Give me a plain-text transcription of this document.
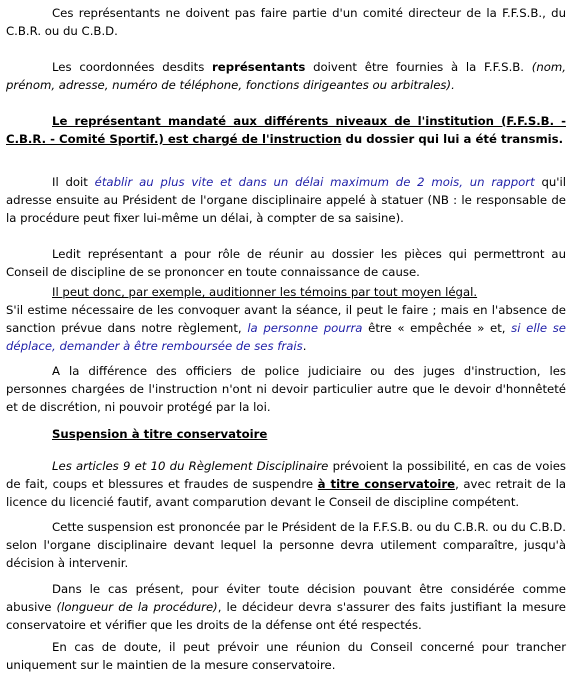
Ces représentants ne doivent pas faire partie d'un comité directeur de la F.F.S.B., du C.B.R. ou du C.B.D.

Les coordonnées desdits représentants doivent être fournies à la F.F.S.B. (nom, prénom, adresse, numéro de téléphone, fonctions dirigeantes ou arbitrales).

Le représentant mandaté aux différents niveaux de l'institution (F.F.S.B. - C.B.R. - Comité Sportif.) est chargé de l'instruction du dossier qui lui a été transmis.

Il doit établir au plus vite et dans un délai maximum de 2 mois, un rapport qu'il adresse ensuite au Président de l'organe disciplinaire appelé à statuer (NB : le responsable de la procédure peut fixer lui-même un délai, à compter de sa saisine).

Ledit représentant a pour rôle de réunir au dossier les pièces qui permettront au Conseil de discipline de se prononcer en toute connaissance de cause.

Il peut donc, par exemple, auditionner les témoins par tout moyen légal.
S'il estime nécessaire de les convoquer avant la séance, il peut le faire ; mais en l'absence de sanction prévue dans notre règlement, la personne pourra être « empêchée » et, si elle se déplace, demander à être remboursée de ses frais.

A la différence des officiers de police judiciaire ou des juges d'instruction, les personnes chargées de l'instruction n'ont ni devoir particulier autre que le devoir d'honnêteté et de discrétion, ni pouvoir protégé par la loi.

Suspension à titre conservatoire

Les articles 9 et 10 du Règlement Disciplinaire prévoient la possibilité, en cas de voies de fait, coups et blessures et fraudes de suspendre à titre conservatoire, avec retrait de la licence du licencié fautif, avant comparution devant le Conseil de discipline compétent.

Cette suspension est prononcée par le Président de la F.F.S.B. ou du C.B.R. ou du C.B.D. selon l'organe disciplinaire devant lequel la personne devra utilement comparaître, jusqu'à décision à intervenir.

Dans le cas présent, pour éviter toute décision pouvant être considérée comme abusive (longueur de la procédure), le décideur devra s'assurer des faits justifiant la mesure conservatoire et vérifier que les droits de la défense ont été respectés.

En cas de doute, il peut prévoir une réunion du Conseil concerné pour trancher uniquement sur le maintien de la mesure conservatoire.
